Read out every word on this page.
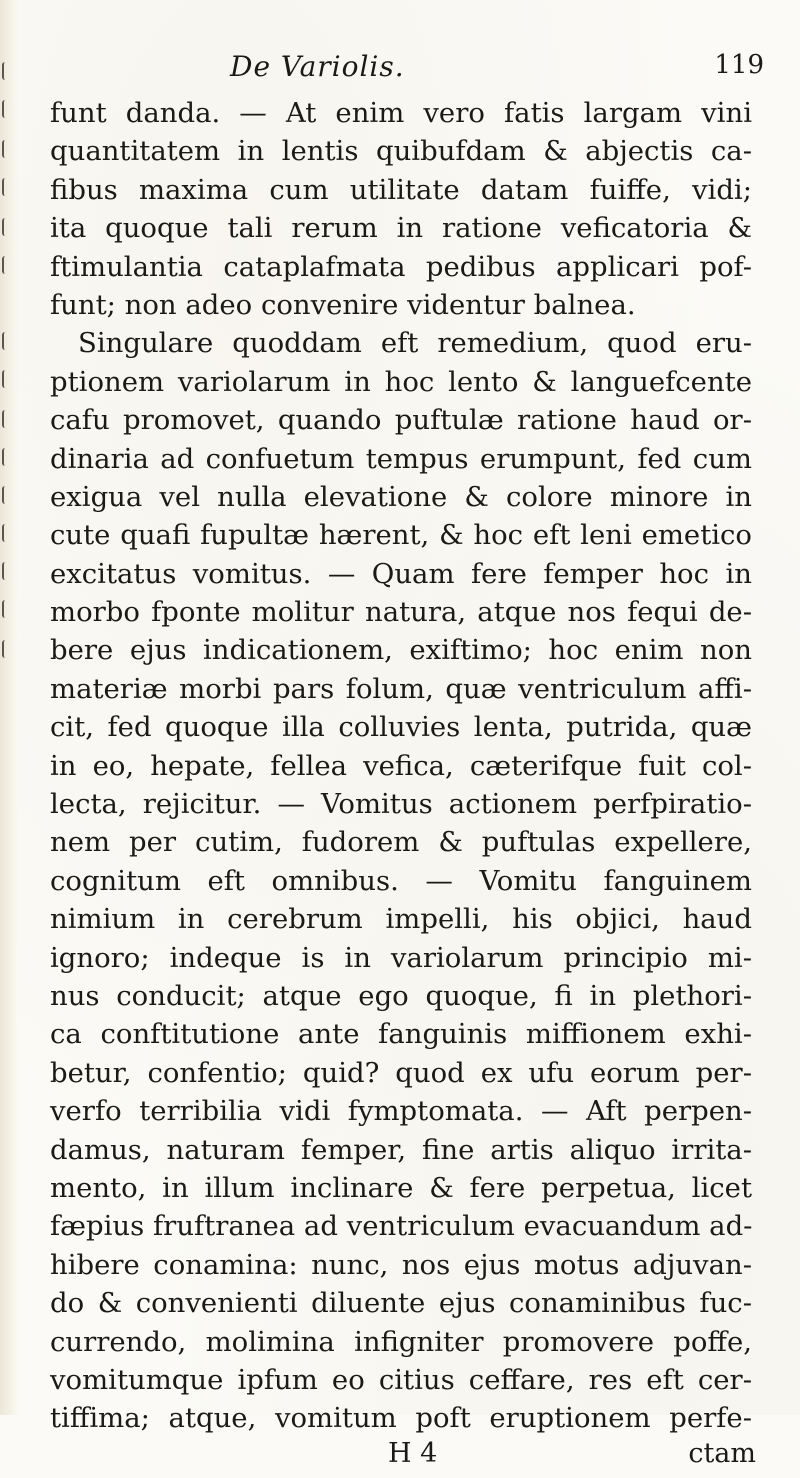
De Variolis.	119
funt danda. — At enim vero fatis largam vini
quantitatem in lentis quibufdam & abjectis ca-
fibus maxima cum utilitate datam fuiffe, vidi;
ita quoque tali rerum in ratione veficatoria &
ftimulantia cataplafmata pedibus applicari pof-
funt; non adeo convenire videntur balnea.
Singulare quoddam eft remedium, quod eru-
ptionem variolarum in hoc lento & languefcente
cafu promovet, quando puftulæ ratione haud or-
dinaria ad confuetum tempus erumpunt, fed cum
exigua vel nulla elevatione & colore minore in
cute quafi fupultæ hærent, & hoc eft leni emetico
excitatus vomitus. — Quam fere femper hoc in
morbo fponte molitur natura, atque nos fequi de-
bere ejus indicationem, exiftimo; hoc enim non
materiæ morbi pars folum, quæ ventriculum affi-
cit, fed quoque illa colluvies lenta, putrida, quæ
in eo, hepate, fellea vefica, cæterifque fuit col-
lecta, rejicitur. — Vomitus actionem perfpiratio-
nem per cutim, fudorem & puftulas expellere,
cognitum eft omnibus. — Vomitu fanguinem
nimium in cerebrum impelli, his objici, haud
ignoro; indeque is in variolarum principio mi-
nus conducit; atque ego quoque, fi in plethori-
ca conftitutione ante fanguinis miffionem exhi-
betur, confentio; quid? quod ex ufu eorum per-
verfo terribilia vidi fymptomata. — Aft perpen-
damus, naturam femper, fine artis aliquo irrita-
mento, in illum inclinare & fere perpetua, licet
fæpius fruftranea ad ventriculum evacuandum ad-
hibere conamina: nunc, nos ejus motus adjuvan-
do & convenienti diluente ejus conaminibus fuc-
currendo, molimina infigniter promovere poffe,
vomitumque ipfum eo citius ceffare, res eft cer-
tiffima; atque, vomitum poft eruptionem perfe-
H 4	ctam
